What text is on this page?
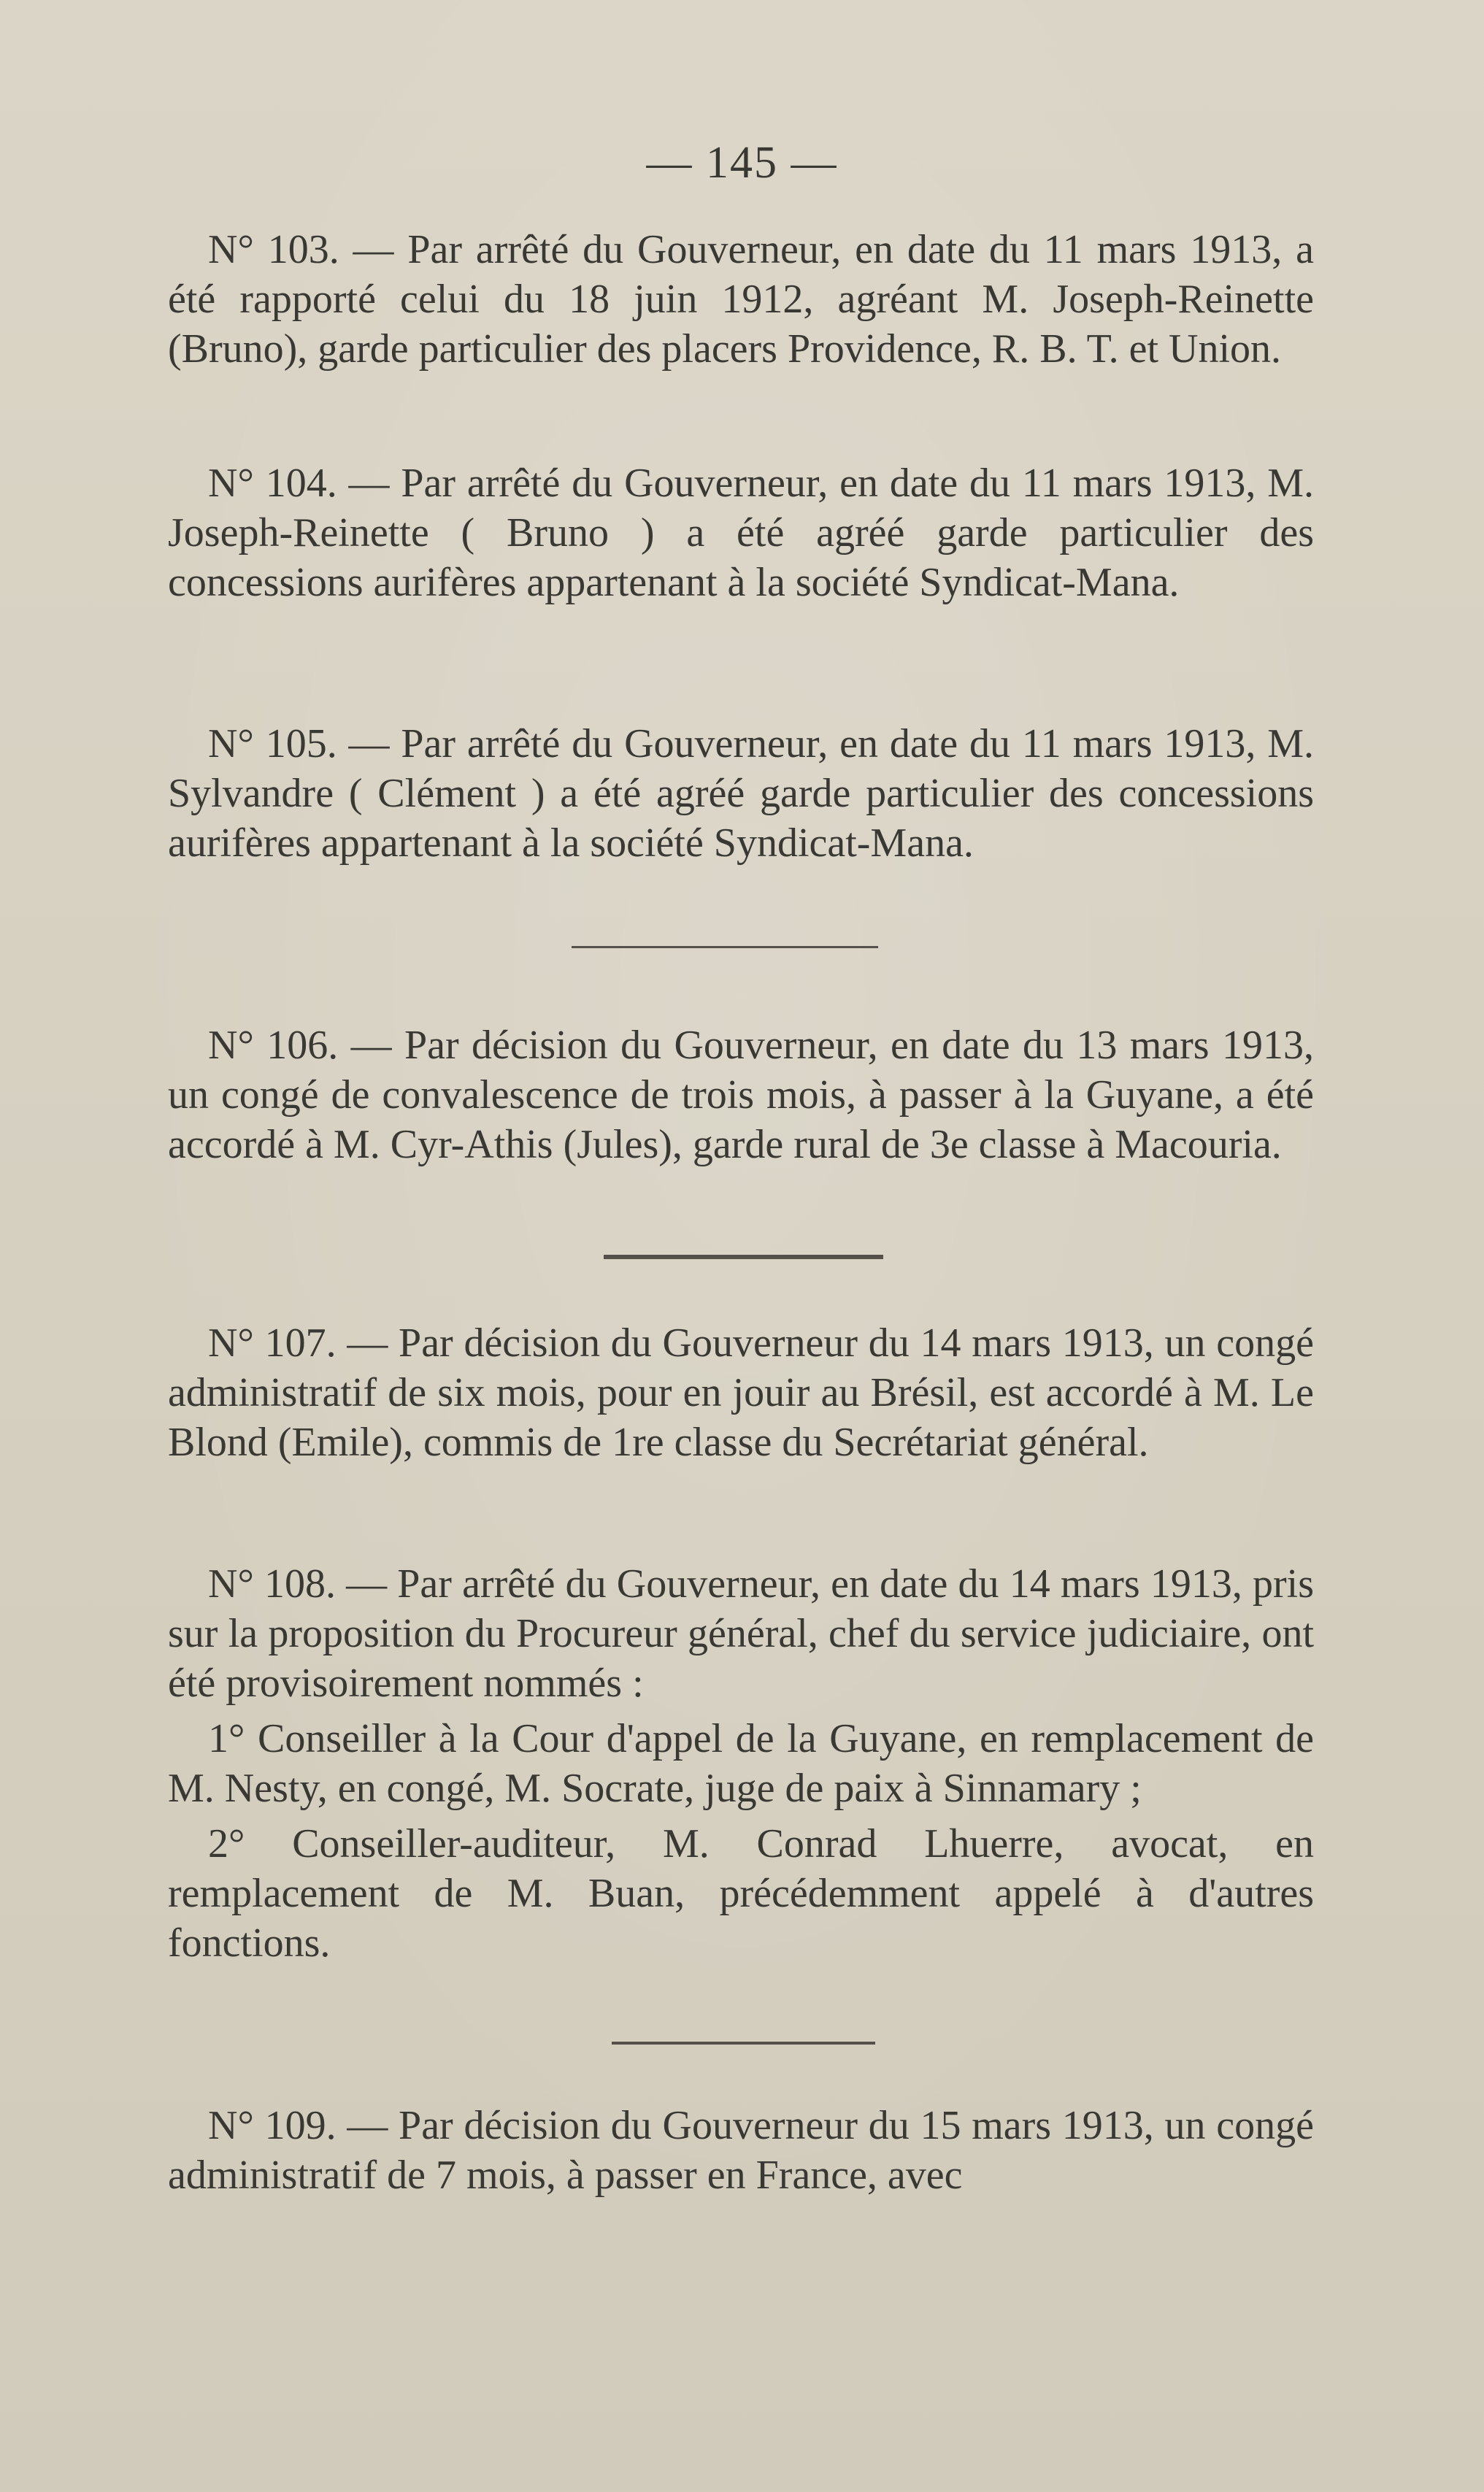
— 145 —

N° 103. — Par arrêté du Gouverneur, en date du 11 mars 1913, a été rapporté celui du 18 juin 1912, agréant M. Joseph-Reinette (Bruno), garde particulier des placers Providence, R. B. T. et Union.

N° 104. — Par arrêté du Gouverneur, en date du 11 mars 1913, M. Joseph-Reinette ( Bruno ) a été agréé garde particulier des concessions aurifères appartenant à la société Syndicat-Mana.

N° 105. — Par arrêté du Gouverneur, en date du 11 mars 1913, M. Sylvandre ( Clément ) a été agréé garde particulier des concessions aurifères appartenant à la société Syndicat-Mana.

N° 106. — Par décision du Gouverneur, en date du 13 mars 1913, un congé de convalescence de trois mois, à passer à la Guyane, a été accordé à M. Cyr-Athis (Jules), garde rural de 3e classe à Macouria.

N° 107. — Par décision du Gouverneur du 14 mars 1913, un congé administratif de six mois, pour en jouir au Brésil, est accordé à M. Le Blond (Emile), commis de 1re classe du Secrétariat général.

N° 108. — Par arrêté du Gouverneur, en date du 14 mars 1913, pris sur la proposition du Procureur général, chef du service judiciaire, ont été provisoirement nommés :

1° Conseiller à la Cour d'appel de la Guyane, en remplacement de M. Nesty, en congé, M. Socrate, juge de paix à Sinnamary ;

2° Conseiller-auditeur, M. Conrad Lhuerre, avocat, en remplacement de M. Buan, précédemment appelé à d'autres fonctions.

N° 109. — Par décision du Gouverneur du 15 mars 1913, un congé administratif de 7 mois, à passer en France, avec
